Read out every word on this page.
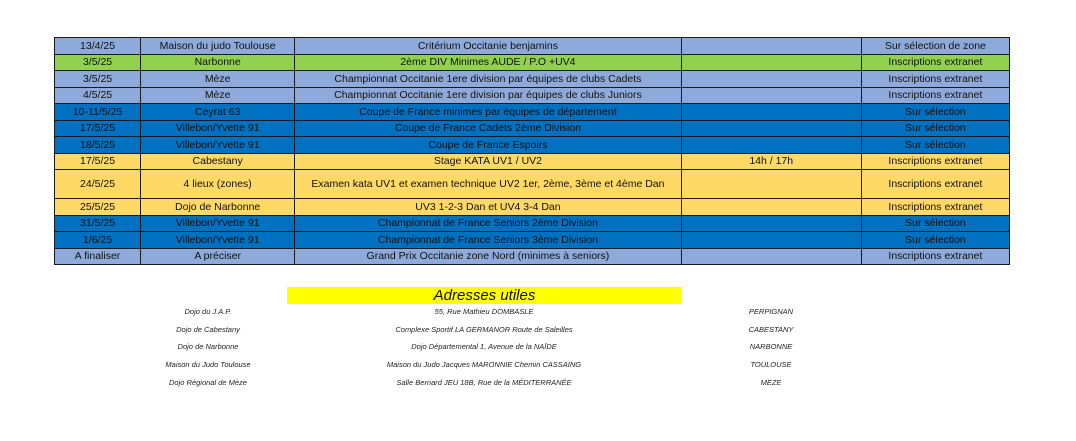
13/4/25	Maison du judo Toulouse	Critérium Occitanie benjamins		Sur sélection de zone
3/5/25	Narbonne	2ème DIV Minimes AUDE / P.O +UV4		Inscriptions extranet
3/5/25	Mèze	Championnat Occitanie 1ere division par équipes de clubs Cadets		Inscriptions extranet
4/5/25	Mèze	Championnat Occitanie 1ere division par équipes de clubs Juniors		Inscriptions extranet
10-11/5/25	Ceyrat 63	Coupe de France minimes par équipes de département		Sur sélection
17/5/25	Villebon/Yvette 91	Coupe de France Cadets 2ème Division		Sur sélection
18/5/25	Villebon/Yvette 91	Coupe de France Espoirs		Sur sélection
17/5/25	Cabestany	Stage KATA UV1 / UV2	14h / 17h	Inscriptions extranet
24/5/25	4 lieux (zones)	Examen kata UV1 et examen technique UV2 1er, 2ème, 3ème et 4ème Dan		Inscriptions extranet
25/5/25	Dojo de Narbonne	UV3 1-2-3 Dan et UV4 3-4 Dan		Inscriptions extranet
31/5/25	Villebon/Yvette 91	Championnat de France Seniors 2ème Division		Sur sélection
1/6/25	Villebon/Yvette 91	Championnat de France Seniors 3ème Division		Sur sélection
A finaliser	A préciser	Grand Prix Occitanie zone Nord (minimes à seniors)		Inscriptions extranet
Adresses utiles
Dojo du J.A.P.	55, Rue Mathieu DOMBASLE	PERPIGNAN
Dojo de Cabestany	Complexe Sportif LA GERMANOR Route de Saleilles	CABESTANY
Dojo de Narbonne	Dojo Départemental 1, Avenue de la NAÏDE	NARBONNE
Maison du Judo Toulouse	Maison du Judo Jacques MARONNIE Chemin CASSAING	TOULOUSE
Dojo Régional de Mèze	Salle Bernard JEU 18B, Rue de la MÉDITERRANÉE	MEZE
